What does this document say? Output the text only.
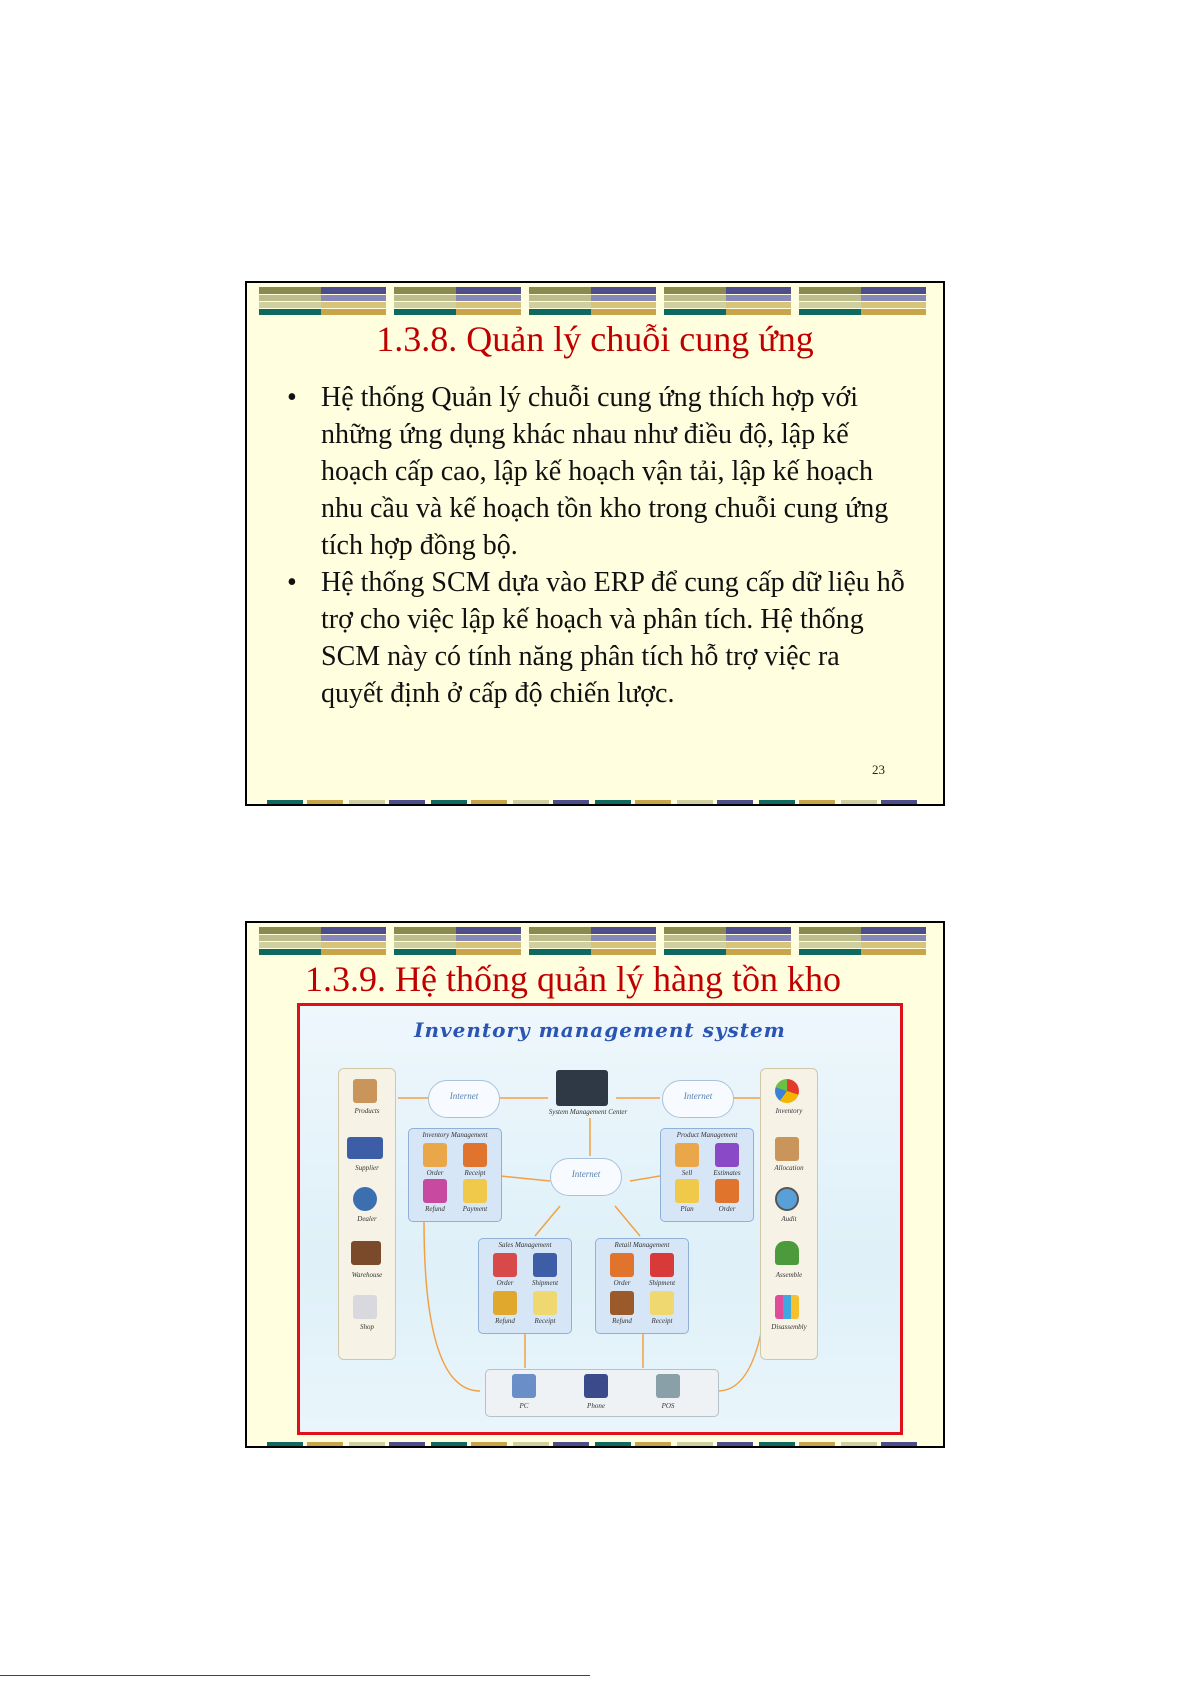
1.3.8. Quản lý chuỗi cung ứng
• Hệ thống Quản lý chuỗi cung ứng thích hợp với những ứng dụng khác nhau như điều độ, lập kế hoạch cấp cao, lập kế hoạch vận tải, lập kế hoạch nhu cầu và kế hoạch tồn kho trong chuỗi cung ứng tích hợp đồng bộ.
• Hệ thống SCM dựa vào ERP để cung cấp dữ liệu hỗ trợ cho việc lập kế hoạch và phân tích. Hệ thống SCM này có tính năng phân tích hỗ trợ việc ra quyết định ở cấp độ chiến lược.
23
1.3.9. Hệ thống quản lý hàng tồn kho
Inventory management system
Products
Supplier
Dealer
Warehouse
Shop
Inventory
Allocation
Audit
Assemble
Disassembly
Internet	Internet
Internet
System Management Center
Inventory Management
Order	Receipt
Refund	Payment
Product Management
Sell	Estimates
Plan	Order
Sales Management
Order	Shipment
Refund	Receipt
Retail Management
Order	Shipment
Refund	Receipt
PC	Phone	POS
